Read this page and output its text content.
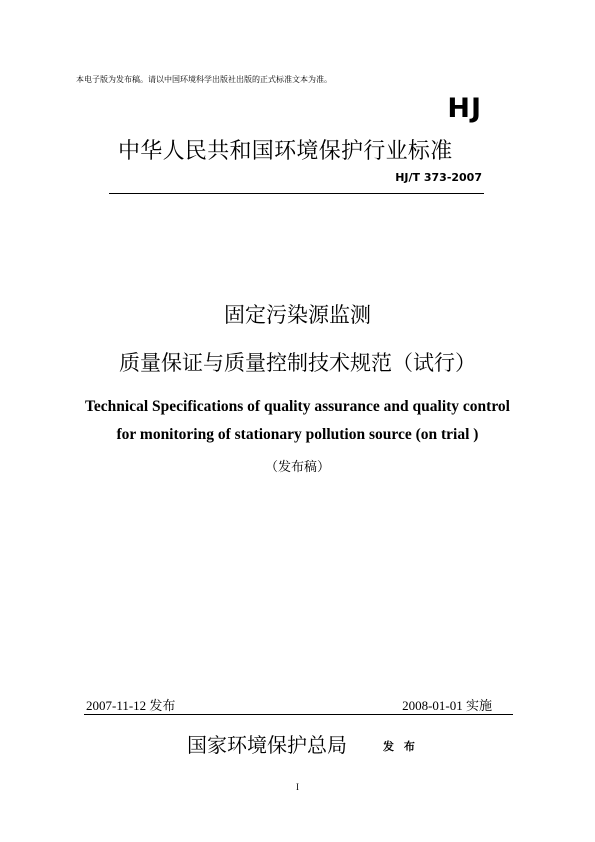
本电子版为发布稿。请以中国环境科学出版社出版的正式标准文本为准。
HJ
中华人民共和国环境保护行业标准
HJ/T 373-2007
固定污染源监测
质量保证与质量控制技术规范（试行）
Technical Specifications of quality assurance and quality control
for monitoring of stationary pollution source (on trial )
（发布稿）
2007-11-12 发布	2008-01-01 实施
国家环境保护总局	发 布
I
